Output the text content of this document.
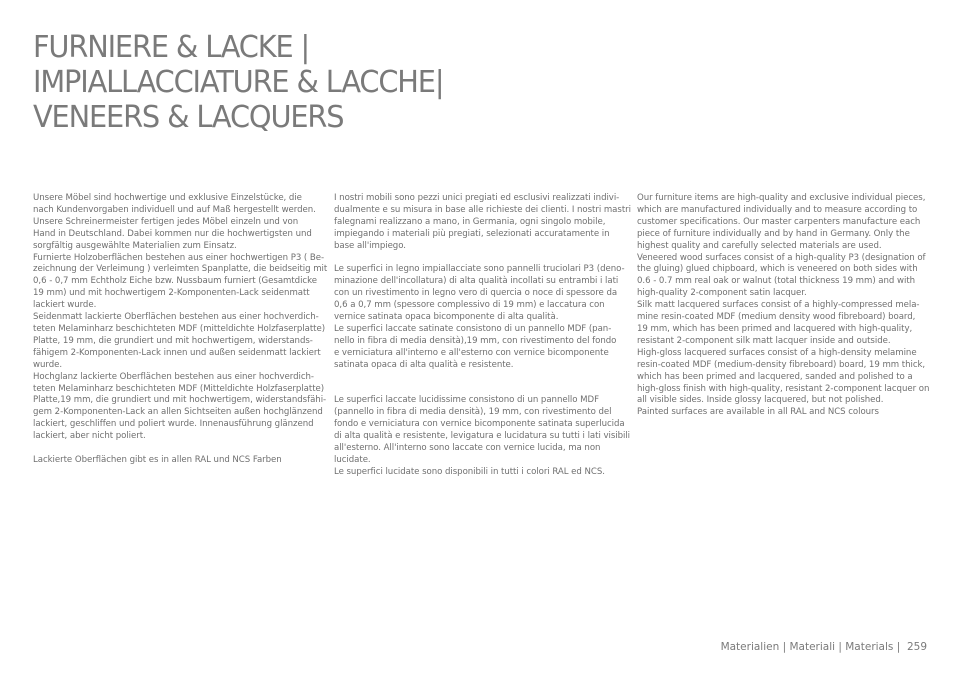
FURNIERE & LACKE |
IMPIALLACCIATURE & LACCHE|
VENEERS & LACQUERS

Unsere Möbel sind hochwertige und exklusive Einzelstücke, die

nach Kundenvorgaben individuell und auf Maß hergestellt werden.

Unsere Schreinermeister fertigen jedes Möbel einzeln und von

Hand in Deutschland. Dabei kommen nur die hochwertigsten und

sorgfältig ausgewählte Materialien zum Einsatz.

Furnierte Holzoberflächen bestehen aus einer hochwertigen P3 ( Be-

zeichnung der Verleimung ) verleimten Spanplatte, die beidseitig mit

0,6 - 0,7 mm Echtholz Eiche bzw. Nussbaum furniert (Gesamtdicke

19 mm) und mit hochwertigem 2-Komponenten-Lack seidenmatt

lackiert wurde.

Seidenmatt lackierte Oberflächen bestehen aus einer hochverdich-

teten Melaminharz beschichteten MDF (mitteldichte Holzfaserplatte)

Platte, 19 mm, die grundiert und mit hochwertigem, widerstands-

fähigem 2-Komponenten-Lack innen und außen seidenmatt lackiert

wurde.

Hochglanz lackierte Oberflächen bestehen aus einer hochverdich-

teten Melaminharz beschichteten MDF (Mitteldichte Holzfaserplatte)

Platte,19 mm, die grundiert und mit hochwertigem, widerstandsfähi-

gem 2-Komponenten-Lack an allen Sichtseiten außen hochglänzend

lackiert, geschliffen und poliert wurde. Innenausführung glänzend

lackiert, aber nicht poliert.

Lackierte Oberflächen gibt es in allen RAL und NCS Farben

I nostri mobili sono pezzi unici pregiati ed esclusivi realizzati indivi-

dualmente e su misura in base alle richieste dei clienti. I nostri mastri

falegnami realizzano a mano, in Germania, ogni singolo mobile,

impiegando i materiali più pregiati, selezionati accuratamente in

base all'impiego.

Le superfici in legno impiallacciate sono pannelli truciolari P3 (deno-

minazione dell'incollatura) di alta qualità incollati su entrambi i lati

con un rivestimento in legno vero di quercia o noce di spessore da

0,6 a 0,7 mm (spessore complessivo di 19 mm) e laccatura con

vernice satinata opaca bicomponente di alta qualità.

Le superfici laccate satinate consistono di un pannello MDF (pan-

nello in fibra di media densità),19 mm, con rivestimento del fondo

e verniciatura all'interno e all'esterno con vernice bicomponente

satinata opaca di alta qualità e resistente.

Le superfici laccate lucidissime consistono di un pannello MDF

(pannello in fibra di media densità), 19 mm, con rivestimento del

fondo e verniciatura con vernice bicomponente satinata superlucida

di alta qualità e resistente, levigatura e lucidatura su tutti i lati visibili

all'esterno. All'interno sono laccate con vernice lucida, ma non

lucidate.

Le superfici lucidate sono disponibili in tutti i colori RAL ed NCS.

Our furniture items are high-quality and exclusive individual pieces,

which are manufactured individually and to measure according to

customer specifications. Our master carpenters manufacture each

piece of furniture individually and by hand in Germany. Only the

highest quality and carefully selected materials are used.

Veneered wood surfaces consist of a high-quality P3 (designation of

the gluing) glued chipboard, which is veneered on both sides with

0.6 - 0.7 mm real oak or walnut (total thickness 19 mm) and with

high-quality 2-component satin lacquer.

Silk matt lacquered surfaces consist of a highly-compressed mela-

mine resin-coated MDF (medium density wood fibreboard) board,

19 mm, which has been primed and lacquered with high-quality,

resistant 2-component silk matt lacquer inside and outside.

High-gloss lacquered surfaces consist of a high-density melamine

resin-coated MDF (medium-density fibreboard) board, 19 mm thick,

which has been primed and lacquered, sanded and polished to a

high-gloss finish with high-quality, resistant 2-component lacquer on

all visible sides. Inside glossy lacquered, but not polished.

Painted surfaces are available in all RAL and NCS colours

Materialien | Materiali | Materials | 259
